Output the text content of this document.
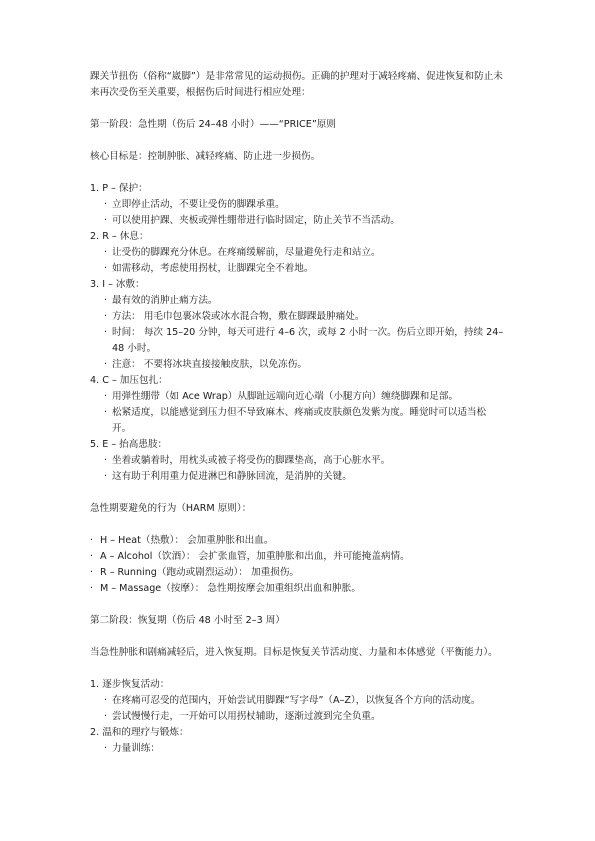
踝关节扭伤（俗称“崴脚”）是非常常见的运动损伤。正确的护理对于减轻疼痛、促进恢复和防止未来再次受伤至关重要，根据伤后时间进行相应处理：

第一阶段：急性期（伤后 24–48 小时）——“PRICE”原则

核心目标是：控制肿胀、减轻疼痛、防止进一步损伤。

1. P – 保护：
· 立即停止活动，不要让受伤的脚踝承重。
· 可以使用护踝、夹板或弹性绷带进行临时固定，防止关节不当活动。
2. R – 休息：
· 让受伤的脚踝充分休息。在疼痛缓解前，尽量避免行走和站立。
· 如需移动，考虑使用拐杖，让脚踝完全不着地。
3. I – 冰敷：
· 最有效的消肿止痛方法。
· 方法： 用毛巾包裹冰袋或冰水混合物，敷在脚踝最肿痛处。
· 时间： 每次 15–20 分钟，每天可进行 4–6 次，或每 2 小时一次。伤后立即开始，持续 24–48 小时。
· 注意： 不要将冰块直接接触皮肤，以免冻伤。
4. C – 加压包扎：
· 用弹性绷带（如 Ace Wrap）从脚趾远端向近心端（小腿方向）缠绕脚踝和足部。
· 松紧适度，以能感觉到压力但不导致麻木、疼痛或皮肤颜色发紫为度。睡觉时可以适当松开。
5. E – 抬高患肢：
· 坐着或躺着时，用枕头或被子将受伤的脚踝垫高，高于心脏水平。
· 这有助于利用重力促进淋巴和静脉回流，是消肿的关键。

急性期要避免的行为（HARM 原则）：

· H – Heat（热敷）： 会加重肿胀和出血。
· A – Alcohol（饮酒）： 会扩张血管，加重肿胀和出血，并可能掩盖病情。
· R – Running（跑动或剧烈运动）： 加重损伤。
· M – Massage（按摩）： 急性期按摩会加重组织出血和肿胀。

第二阶段：恢复期（伤后 48 小时至 2–3 周）

当急性肿胀和剧痛减轻后，进入恢复期。目标是恢复关节活动度、力量和本体感觉（平衡能力）。

1. 逐步恢复活动：
· 在疼痛可忍受的范围内，开始尝试用脚踝“写字母”（A–Z），以恢复各个方向的活动度。
· 尝试慢慢行走，一开始可以用拐杖辅助，逐渐过渡到完全负重。
2. 温和的理疗与锻炼：
· 力量训练：
